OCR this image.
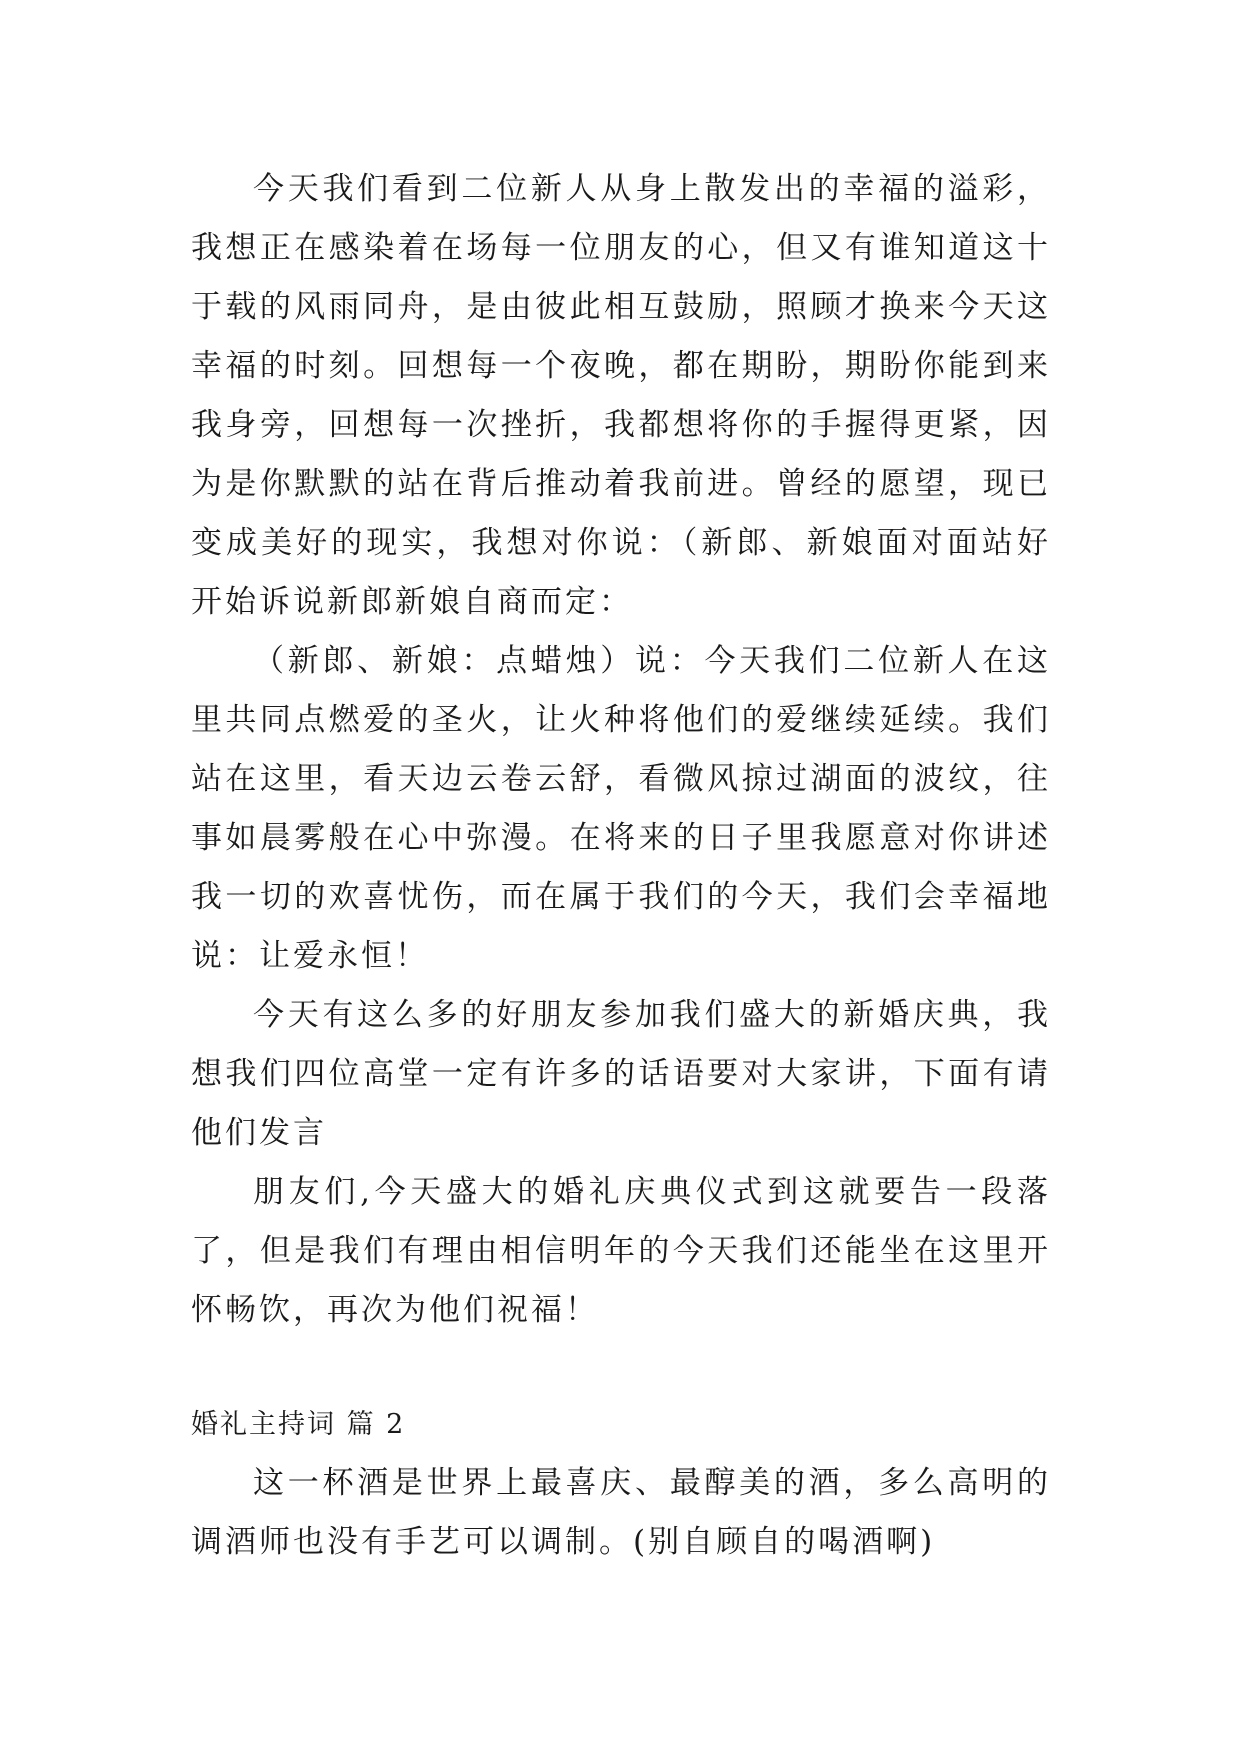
今天我们看到二位新人从身上散发出的幸福的溢彩，我想正在感染着在场每一位朋友的心，但又有谁知道这十于载的风雨同舟，是由彼此相互鼓励，照顾才换来今天这幸福的时刻。回想每一个夜晚，都在期盼，期盼你能到来我身旁，回想每一次挫折，我都想将你的手握得更紧，因为是你默默的站在背后推动着我前进。曾经的愿望，现已变成美好的现实，我想对你说：（新郎、新娘面对面站好开始诉说新郎新娘自商而定：

（新郎、新娘：点蜡烛）说：今天我们二位新人在这里共同点燃爱的圣火，让火种将他们的爱继续延续。我们站在这里，看天边云卷云舒，看微风掠过湖面的波纹，往事如晨雾般在心中弥漫。在将来的日子里我愿意对你讲述我一切的欢喜忧伤，而在属于我们的今天，我们会幸福地说：让爱永恒！

今天有这么多的好朋友参加我们盛大的新婚庆典，我想我们四位高堂一定有许多的话语要对大家讲，下面有请他们发言

朋友们,今天盛大的婚礼庆典仪式到这就要告一段落了，但是我们有理由相信明年的今天我们还能坐在这里开怀畅饮，再次为他们祝福！

婚礼主持词 篇 2

这一杯酒是世界上最喜庆、最醇美的酒，多么高明的调酒师也没有手艺可以调制。(别自顾自的喝酒啊)
